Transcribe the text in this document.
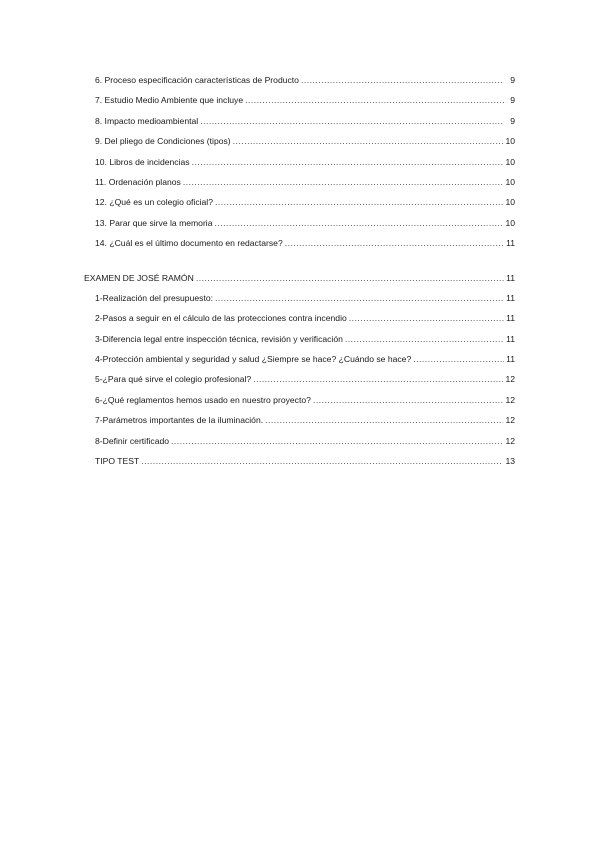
6. Proceso especificación características de Producto .....	9
7. Estudio Medio Ambiente que incluye .....	9
8. Impacto medioambiental .....	9
9. Del pliego de Condiciones (tipos) .....	10
10. Libros de incidencias .....	10
11. Ordenación planos .....	10
12. ¿Qué es un colegio oficial? .....	10
13. Parar que sirve la memoria .....	10
14. ¿Cuál es el último documento en redactarse? .....	11
EXAMEN DE JOSÉ RAMÓN .....	11
1-Realización del presupuesto: .....	11
2-Pasos a seguir en el cálculo de las protecciones contra incendio .....	11
3-Diferencia legal entre inspección técnica, revisión y verificación .....	11
4-Protección ambiental y seguridad y salud ¿Siempre se hace? ¿Cuándo se hace? .....	11
5-¿Para qué sirve el colegio profesional? .....	12
6-¿Qué reglamentos hemos usado en nuestro proyecto? .....	12
7-Parámetros importantes de la iluminación. .....	12
8-Definir certificado .....	12
TIPO TEST .....	13
